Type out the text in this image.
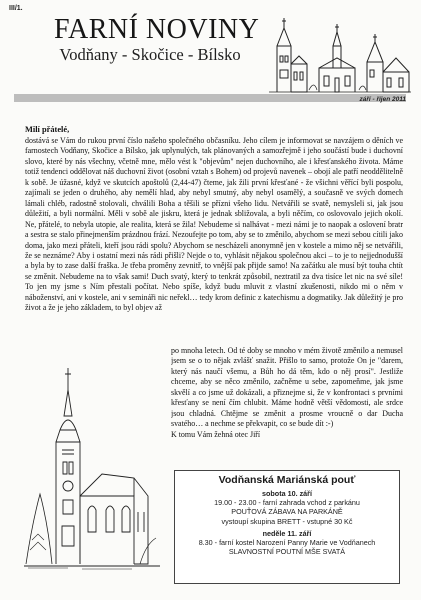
III/1.
FARNÍ NOVINY
Vodňany - Skočice - Bílsko
září - říjen 2011
Milí přátelé,

dostává se Vám do rukou první číslo našeho společného občasníku. Jeho cílem je informovat se navzájem o děních ve farnostech Vodňany, Skočice a Bílsko, jak uplynulých, tak plánovaných a samozřejmě i jeho součástí bude i duchovní slovo, které by nás všechny, včetně mne, mělo vést k "objevům" nejen duchovního, ale i křesťanského života. Máme totiž tendenci oddělovat náš duchovní život (osobní vztah s Bohem) od projevů navenek – obojí ale patří neoddělitelně k sobě. Je úžasné, když ve skutcích apoštolů (2,44-47) čteme, jak žili první křesťané - že všichni věřící byli pospolu, zajímali se jeden o druhého, aby nemělí hlad, aby nebyl smutný, aby nebyl osamělý, a současně ve svých domech lámali chléb, radostně stolovali, chválili Boha a těšili se přízni všeho lidu. Netvářili se svatě, nemysleli si, jak jsou důležití, a byli normální. Měli v sobě ale jiskru, která je jednak sbližovala, a byli něčím, co oslovovalo jejich okolí. Ne, přátelé, to nebyla utopie, ale realita, která se žila! Nebudeme si nalhávat - mezi námi je to naopak a oslovení bratr a sestra se stalo přinejmenším prázdnou frází. Nezoufejte po tom, aby se to změnilo, abychom se mezi sebou cítili jako doma, jako mezi přáteli, kteří jsou rádi spolu? Abychom se nescházeli anonymně jen v kostele a mimo něj se netvářili, že se neznáme? Aby i ostatní mezi nás rádi přišli? Nejde o to, vyhlásit nějakou společnou akci – to je to nejjednodušší a byla by to zase další fraška. Je třeba proměny zevnitř, to vnější pak přijde samo! Na začátku ale musí být touha chtít se změnit. Nebudeme na to však sami! Duch svatý, který to tenkrát způsobil, neztratil za dva tisíce let nic na své síle! To jen my jsme s Ním přestali počítat. Nebo spíše, když budu mluvit z vlastní zkušenosti, nikdo mi o něm v náboženství, ani v kostele, ani v semináři nic neřekl… tedy krom definic z katechismu a dogmatiky. Jak důležitý je pro život a že je jeho základem, to byl objev až

po mnoha letech. Od té doby se mnoho v mém životě změnilo a nemusel jsem se o to nějak zvlášť snažit. Přišlo to samo, protože On je "darem, který nás naučí všemu, a Bůh ho dá těm, kdo o něj prosí". Jestliže chceme, aby se něco změnilo, začněme u sebe, zapomeňme, jak jsme skvělí a co jsme už dokázali, a přiznejme si, že v konfrontaci s prvními křesťany se není čím chlubit. Máme hodně větší vědomosti, ale srdce jsou chladná. Chtějme se změnit a prosme vroucně o dar Ducha svatého… a nechme se překvapit, co se bude dít :-)
K tomu Vám žehná otec Jiří

Vodňanská Mariánská pouť
sobota 10. září
19.00 - 23.00 - farní zahrada vchod z parkánu
POUŤOVÁ ZÁBAVA NA PARKÁNĚ
vystoupí skupina BRETT - vstupné 30 Kč
neděle 11. září
8.30 - farní kostel Narození Panny Marie ve Vodňanech
SLAVNOSTNÍ POUTNÍ MŠE SVATÁ
